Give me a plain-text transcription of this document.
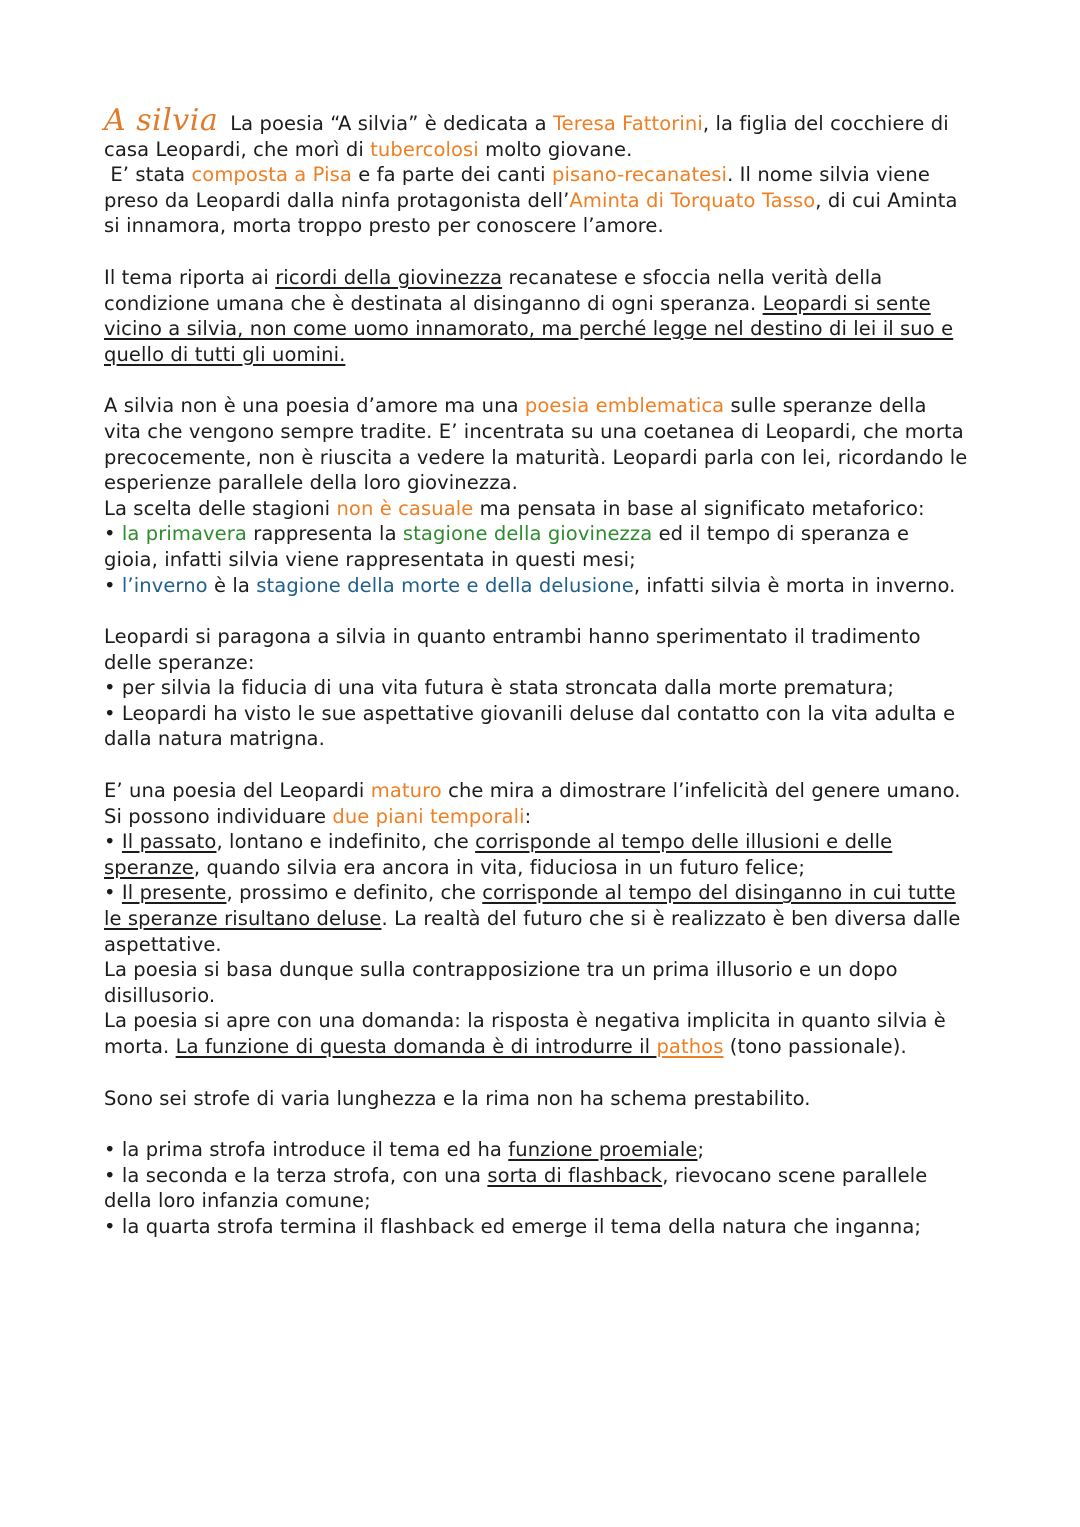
A silvia La poesia “A silvia” è dedicata a Teresa Fattorini, la figlia del cocchiere di casa Leopardi, che morì di tubercolosi molto giovane.
E’ stata composta a Pisa e fa parte dei canti pisano-recanatesi. Il nome silvia viene preso da Leopardi dalla ninfa protagonista dell’Aminta di Torquato Tasso, di cui Aminta si innamora, morta troppo presto per conoscere l’amore.

Il tema riporta ai ricordi della giovinezza recanatese e sfoccia nella verità della condizione umana che è destinata al disinganno di ogni speranza. Leopardi si sente vicino a silvia, non come uomo innamorato, ma perché legge nel destino di lei il suo e quello di tutti gli uomini.

A silvia non è una poesia d’amore ma una poesia emblematica sulle speranze della vita che vengono sempre tradite. E’ incentrata su una coetanea di Leopardi, che morta precocemente, non è riuscita a vedere la maturità. Leopardi parla con lei, ricordando le esperienze parallele della loro giovinezza.
La scelta delle stagioni non è casuale ma pensata in base al significato metaforico:
• la primavera rappresenta la stagione della giovinezza ed il tempo di speranza e gioia, infatti silvia viene rappresentata in questi mesi;
• l’inverno è la stagione della morte e della delusione, infatti silvia è morta in inverno.

Leopardi si paragona a silvia in quanto entrambi hanno sperimentato il tradimento delle speranze:
• per silvia la fiducia di una vita futura è stata stroncata dalla morte prematura;
• Leopardi ha visto le sue aspettative giovanili deluse dal contatto con la vita adulta e dalla natura matrigna.

E’ una poesia del Leopardi maturo che mira a dimostrare l’infelicità del genere umano. Si possono individuare due piani temporali:
• Il passato, lontano e indefinito, che corrisponde al tempo delle illusioni e delle speranze, quando silvia era ancora in vita, fiduciosa in un futuro felice;
• Il presente, prossimo e definito, che corrisponde al tempo del disinganno in cui tutte le speranze risultano deluse. La realtà del futuro che si è realizzato è ben diversa dalle aspettative.
La poesia si basa dunque sulla contrapposizione tra un prima illusorio e un dopo disillusorio.
La poesia si apre con una domanda: la risposta è negativa implicita in quanto silvia è morta. La funzione di questa domanda è di introdurre il pathos (tono passionale).

Sono sei strofe di varia lunghezza e la rima non ha schema prestabilito.

• la prima strofa introduce il tema ed ha funzione proemiale;
• la seconda e la terza strofa, con una sorta di flashback, rievocano scene parallele della loro infanzia comune;
• la quarta strofa termina il flashback ed emerge il tema della natura che inganna;
